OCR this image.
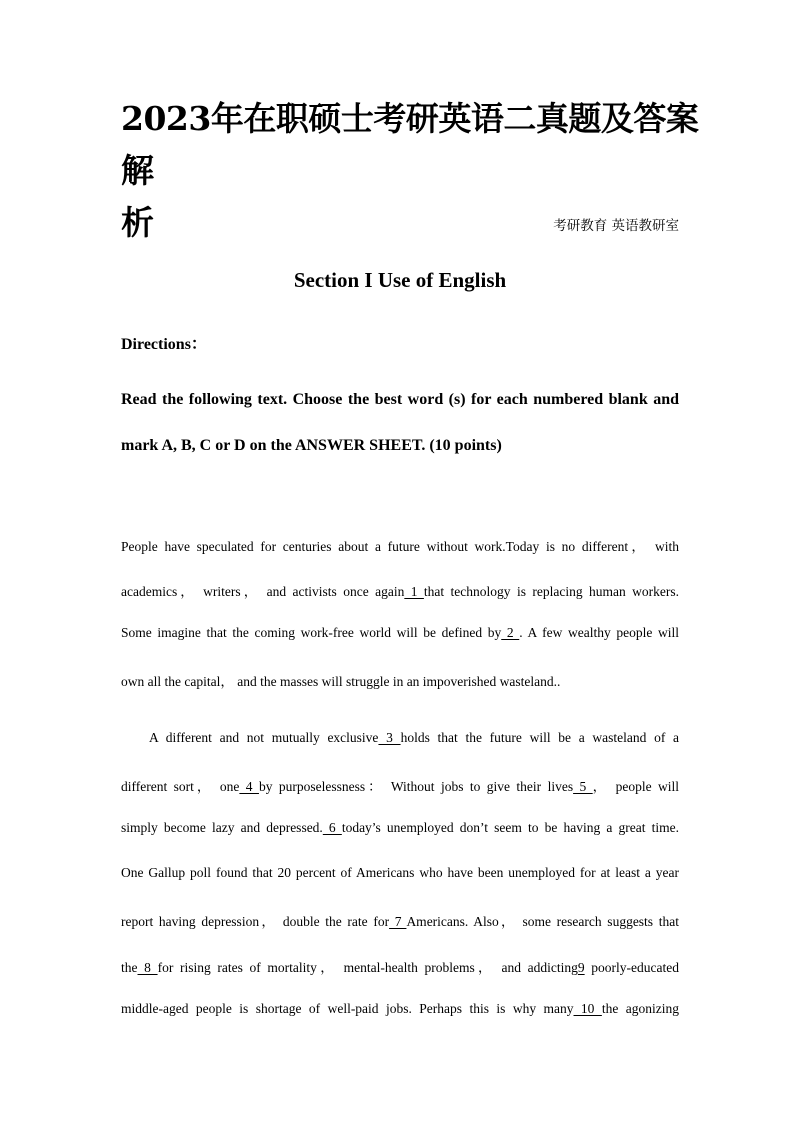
2023年在职硕士考研英语二真题及答案解
析	考研教育 英语教研室
Section I Use of English
Directions：
Read the following text. Choose the best word (s) for each numbered blank and
mark A, B, C or D on the ANSWER SHEET. (10 points)
People have speculated for centuries about a future without work.Today is no different， with
academics， writers， and activists once again 1 that technology is replacing human workers.
Some imagine that the coming work-free world will be defined by 2 . A few wealthy people will
own all the capital， and the masses will struggle in an impoverished wasteland..
A different and not mutually exclusive 3 holds that the future will be a wasteland of a
different sort， one 4 by purposelessness： Without jobs to give their lives 5 ， people will
simply become lazy and depressed. 6 today’s unemployed don’t seem to be having a great time.
One Gallup poll found that 20 percent of Americans who have been unemployed for at least a year
report having depression， double the rate for 7 Americans. Also， some research suggests that
the 8 for rising rates of mortality， mental-health problems， and addicting9 poorly-educated
middle-aged people is shortage of well-paid jobs. Perhaps this is why many 10 the agonizing
